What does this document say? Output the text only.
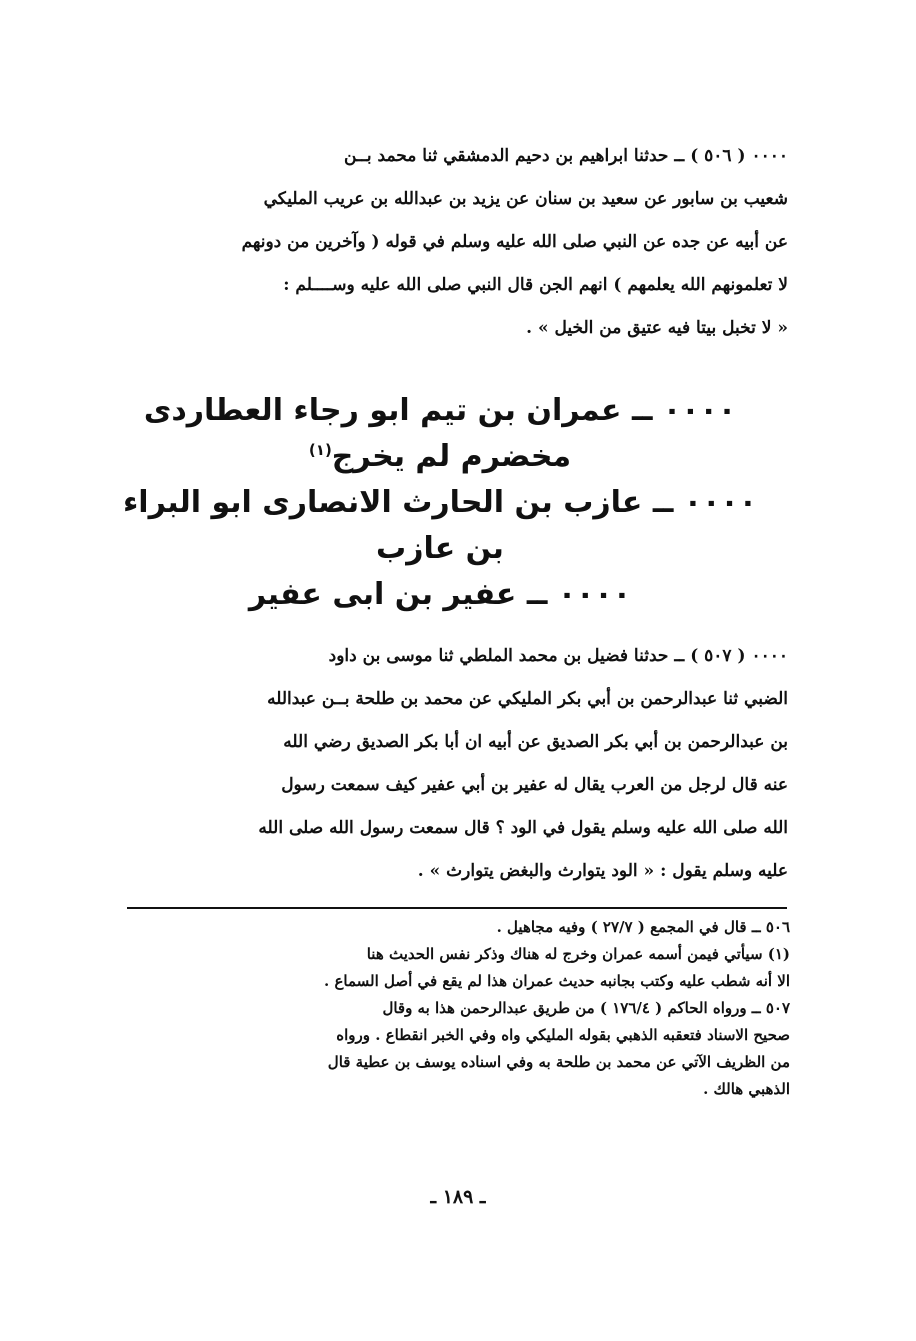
٠٠٠٠ ( ٥٠٦ ) ــ حدثنا ابراهيم بن دحيم الدمشقي ثنا محمد بــن
شعيب بن سابور عن سعيد بن سنان عن يزيد بن عبدالله بن عريب المليكي
عن أبيه عن جده عن النبي صلى الله عليه وسلم في قوله ( وآخرين من دونهم
لا تعلمونهم الله يعلمهم ) انهم الجن قال النبي صلى الله عليه وســــلم :
« لا تخبل بيتا فيه عتيق من الخيل » .
٠٠٠٠ ــ عمران بن تيم ابو رجاء العطاردى
مخضرم لم يخرج$^{(١)}$
٠٠٠٠ ــ عازب بن الحارث الانصارى ابو البراء
بن عازب
٠٠٠٠ ــ عفير بن ابى عفير
٠٠٠٠ ( ٥٠٧ ) ــ حدثنا فضيل بن محمد الملطي ثنا موسى بن داود
الضبي ثنا عبدالرحمن بن أبي بكر المليكي عن محمد بن طلحة بــن عبدالله
بن عبدالرحمن بن أبي بكر الصديق عن أبيه ان أبا بكر الصديق رضي الله
عنه قال لرجل من العرب يقال له عفير بن أبي عفير كيف سمعت رسول
الله صلى الله عليه وسلم يقول في الود ؟ قال سمعت رسول الله صلى الله
عليه وسلم يقول : « الود يتوارث والبغض يتوارث » .
٥٠٦ ــ قال في المجمع ( ٢٧/٧ ) وفيه مجاهيل .
(١) سيأتي فيمن أسمه عمران وخرج له هناك وذكر نفس الحديث هنا
الا أنه شطب عليه وكتب بجانبه حديث عمران هذا لم يقع في أصل السماع .
٥٠٧ ــ ورواه الحاكم ( ١٧٦/٤ ) من طريق عبدالرحمن هذا به وقال
صحيح الاسناد فتعقبه الذهبي بقوله المليكي واه وفي الخبر انقطاع . ورواه
من الظريف الآتي عن محمد بن طلحة به وفي اسناده يوسف بن عطية قال
الذهبي هالك .
ـ ١٨٩ ـ
